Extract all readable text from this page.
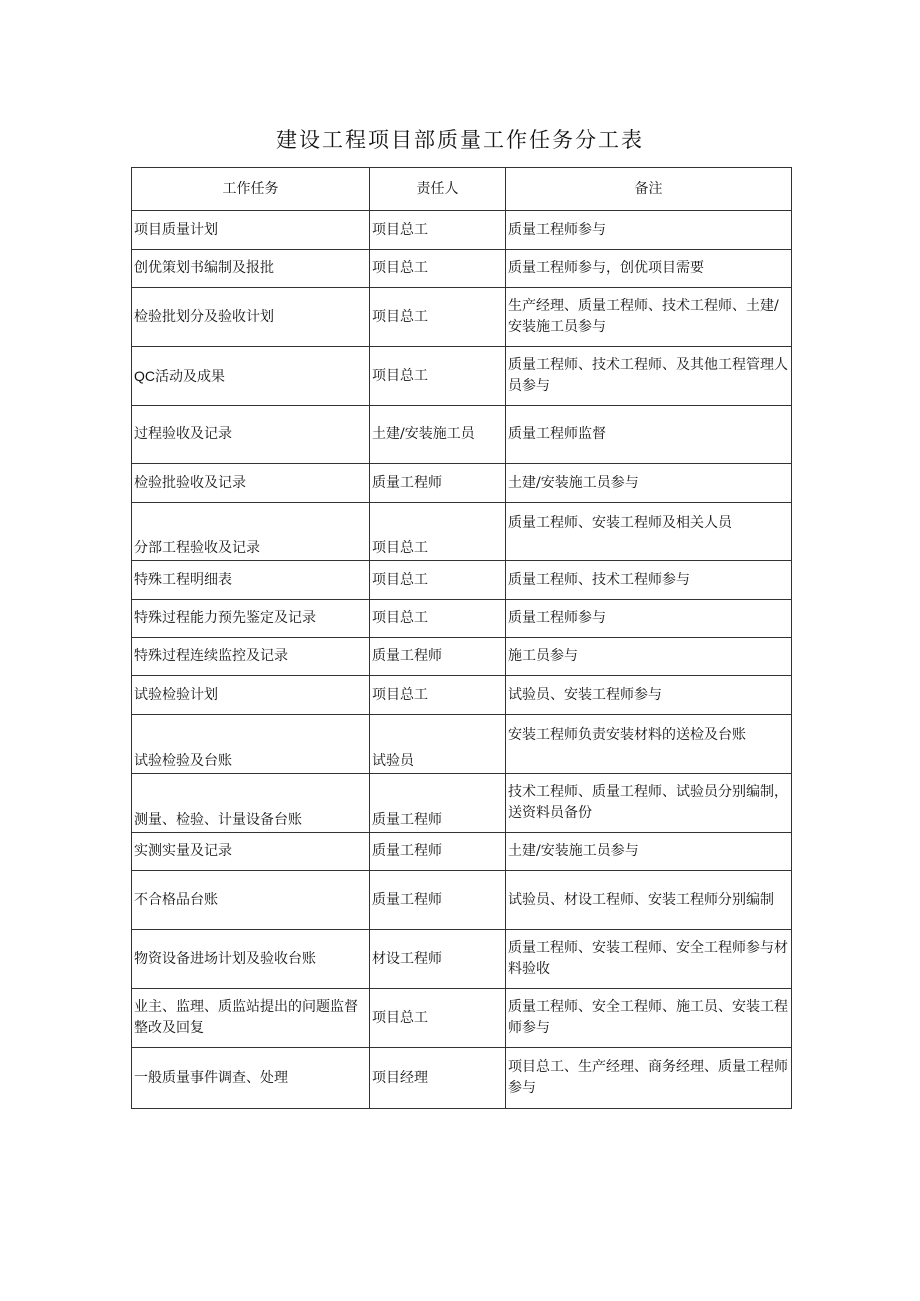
建设工程项目部质量工作任务分工表
工作任务	责任人	备注
项目质量计划	项目总工	质量工程师参与
创优策划书编制及报批	项目总工	质量工程师参与，创优项目需要
检验批划分及验收计划	项目总工	生产经理、质量工程师、技术工程师、土建/安装施工员参与
QC活动及成果	项目总工	质量工程师、技术工程师、及其他工程管理人员参与
过程验收及记录	土建/安装施工员	质量工程师监督
检验批验收及记录	质量工程师	土建/安装施工员参与
分部工程验收及记录	项目总工	质量工程师、安装工程师及相关人员
特殊工程明细表	项目总工	质量工程师、技术工程师参与
特殊过程能力预先鉴定及记录	项目总工	质量工程师参与
特殊过程连续监控及记录	质量工程师	施工员参与
试验检验计划	项目总工	试验员、安装工程师参与
试验检验及台账	试验员	安装工程师负责安装材料的送检及台账
测量、检验、计量设备台账	质量工程师	技术工程师、质量工程师、试验员分别编制，送资料员备份
实测实量及记录	质量工程师	土建/安装施工员参与
不合格品台账	质量工程师	试验员、材设工程师、安装工程师分别编制
物资设备进场计划及验收台账	材设工程师	质量工程师、安装工程师、安全工程师参与材料验收
业主、监理、质监站提出的问题监督整改及回复	项目总工	质量工程师、安全工程师、施工员、安装工程师参与
一般质量事件调查、处理	项目经理	项目总工、生产经理、商务经理、质量工程师参与
